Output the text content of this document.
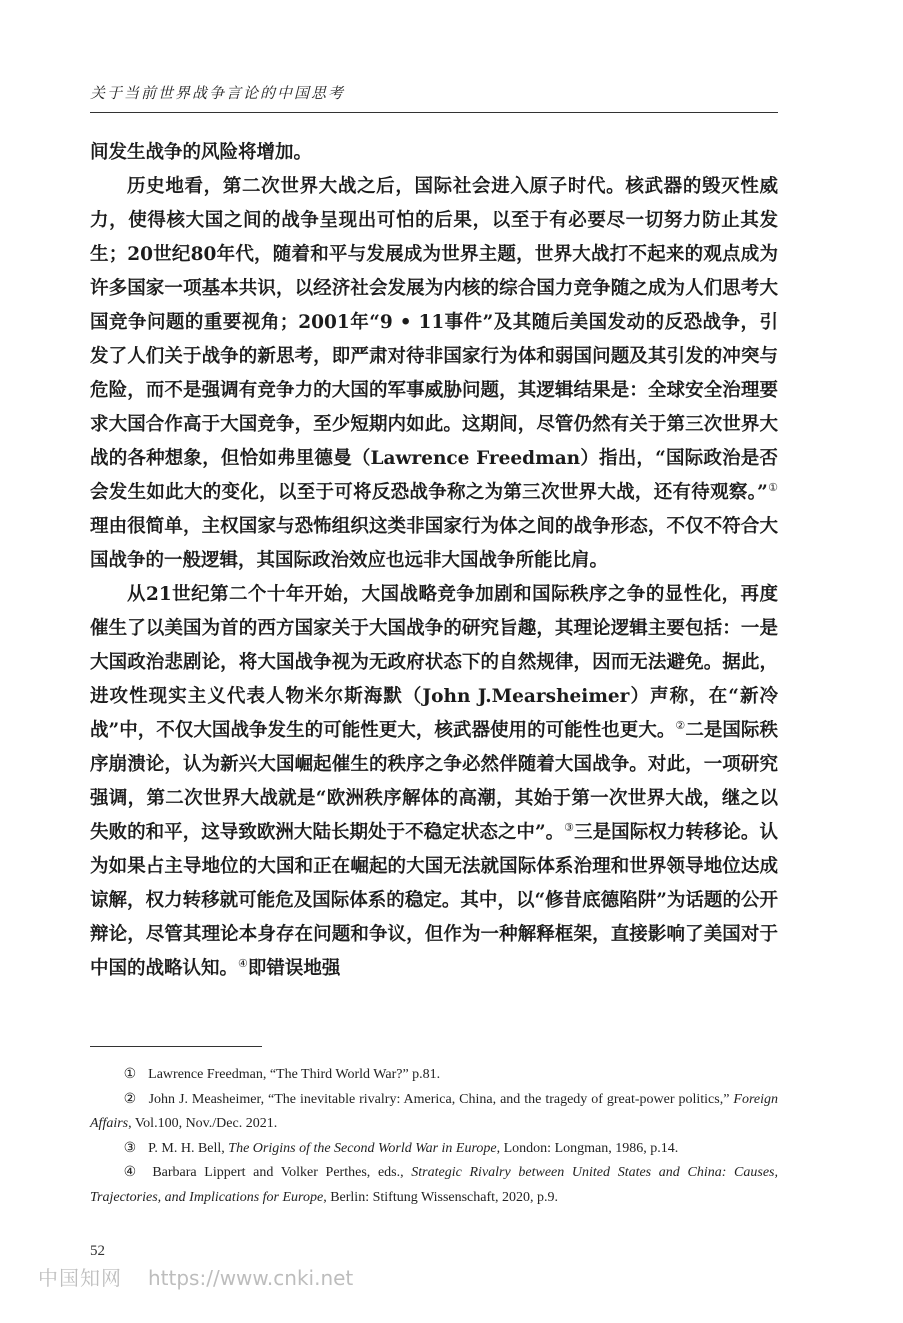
关于当前世界战争言论的中国思考

间发生战争的风险将增加。

历史地看，第二次世界大战之后，国际社会进入原子时代。核武器的毁灭性威力，使得核大国之间的战争呈现出可怕的后果，以至于有必要尽一切努力防止其发生；20世纪80年代，随着和平与发展成为世界主题，世界大战打不起来的观点成为许多国家一项基本共识，以经济社会发展为内核的综合国力竞争随之成为人们思考大国竞争问题的重要视角；2001年“9 • 11事件”及其随后美国发动的反恐战争，引发了人们关于战争的新思考，即严肃对待非国家行为体和弱国问题及其引发的冲突与危险，而不是强调有竞争力的大国的军事威胁问题，其逻辑结果是：全球安全治理要求大国合作高于大国竞争，至少短期内如此。这期间，尽管仍然有关于第三次世界大战的各种想象，但恰如弗里德曼（Lawrence Freedman）指出，“国际政治是否会发生如此大的变化，以至于可将反恐战争称之为第三次世界大战，还有待观察。”①理由很简单，主权国家与恐怖组织这类非国家行为体之间的战争形态，不仅不符合大国战争的一般逻辑，其国际政治效应也远非大国战争所能比肩。

从21世纪第二个十年开始，大国战略竞争加剧和国际秩序之争的显性化，再度催生了以美国为首的西方国家关于大国战争的研究旨趣，其理论逻辑主要包括：一是大国政治悲剧论，将大国战争视为无政府状态下的自然规律，因而无法避免。据此，进攻性现实主义代表人物米尔斯海默（John J.Mearsheimer）声称，在“新冷战”中，不仅大国战争发生的可能性更大，核武器使用的可能性也更大。②二是国际秩序崩溃论，认为新兴大国崛起催生的秩序之争必然伴随着大国战争。对此，一项研究强调，第二次世界大战就是“欧洲秩序解体的高潮，其始于第一次世界大战，继之以失败的和平，这导致欧洲大陆长期处于不稳定状态之中”。③三是国际权力转移论。认为如果占主导地位的大国和正在崛起的大国无法就国际体系治理和世界领导地位达成谅解，权力转移就可能危及国际体系的稳定。其中，以“修昔底德陷阱”为话题的公开辩论，尽管其理论本身存在问题和争议，但作为一种解释框架，直接影响了美国对于中国的战略认知。④即错误地强

① Lawrence Freedman, “The Third World War?” p.81.

② John J. Measheimer, “The inevitable rivalry: America, China, and the tragedy of great-power politics,” Foreign Affairs, Vol.100, Nov./Dec. 2021.

③ P. M. H. Bell, The Origins of the Second World War in Europe, London: Longman, 1986, p.14.

④ Barbara Lippert and Volker Perthes, eds., Strategic Rivalry between United States and China: Causes, Trajectories, and Implications for Europe, Berlin: Stiftung Wissenschaft, 2020, p.9.

52
中国知网 https://www.cnki.net
